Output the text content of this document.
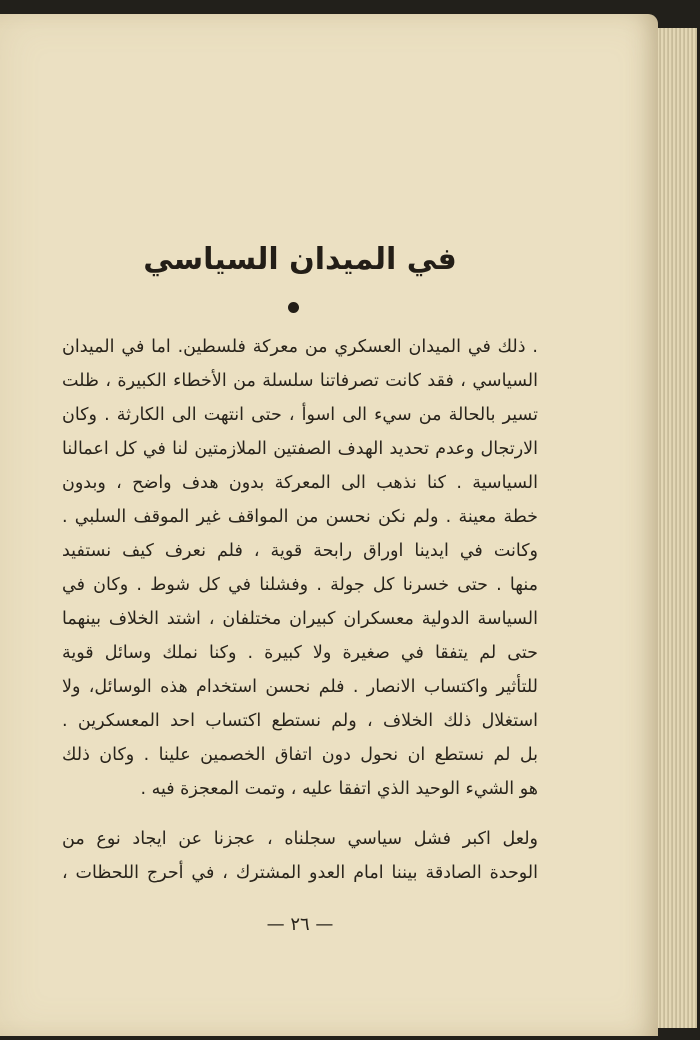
في الميدان السياسي
. ذلك في الميدان العسكري من معركة فلسطين. اما في الميدان
السياسي ، فقد كانت تصرفاتنا سلسلة من الأخطاء الكبيرة ، ظلت
تسير بالحالة من سيء الى اسوأ ، حتى انتهت الى الكارثة . وكان
الارتجال وعدم تحديد الهدف الصفتين الملازمتين لنا في كل اعمالنا
السياسية . كنا نذهب الى المعركة بدون هدف واضح ، وبدون
خطة معينة . ولم نكن نحسن من المواقف غير الموقف السلبي .
وكانت في ايدينا اوراق رابحة قوية ، فلم نعرف كيف نستفيد
منها . حتى خسرنا كل جولة . وفشلنا في كل شوط . وكان في
السياسة الدولية معسكران كبيران مختلفان ، اشتد الخلاف بينهما
حتى لم يتفقا في صغيرة ولا كبيرة . وكنا نملك وسائل قوية
للتأثير واكتساب الانصار . فلم نحسن استخدام هذه الوسائل، ولا
استغلال ذلك الخلاف ، ولم نستطع اكتساب احد المعسكرين .
بل لم نستطع ان نحول دون اتفاق الخصمين علينا . وكان ذلك
هو الشيء الوحيد الذي اتفقا عليه ، وتمت المعجزة فيه .
ولعل اكبر فشل سياسي سجلناه ، عجزنا عن ايجاد نوع من
الوحدة الصادقة بيننا امام العدو المشترك ، في أحرج اللحظات ،
— ٢٦ —
